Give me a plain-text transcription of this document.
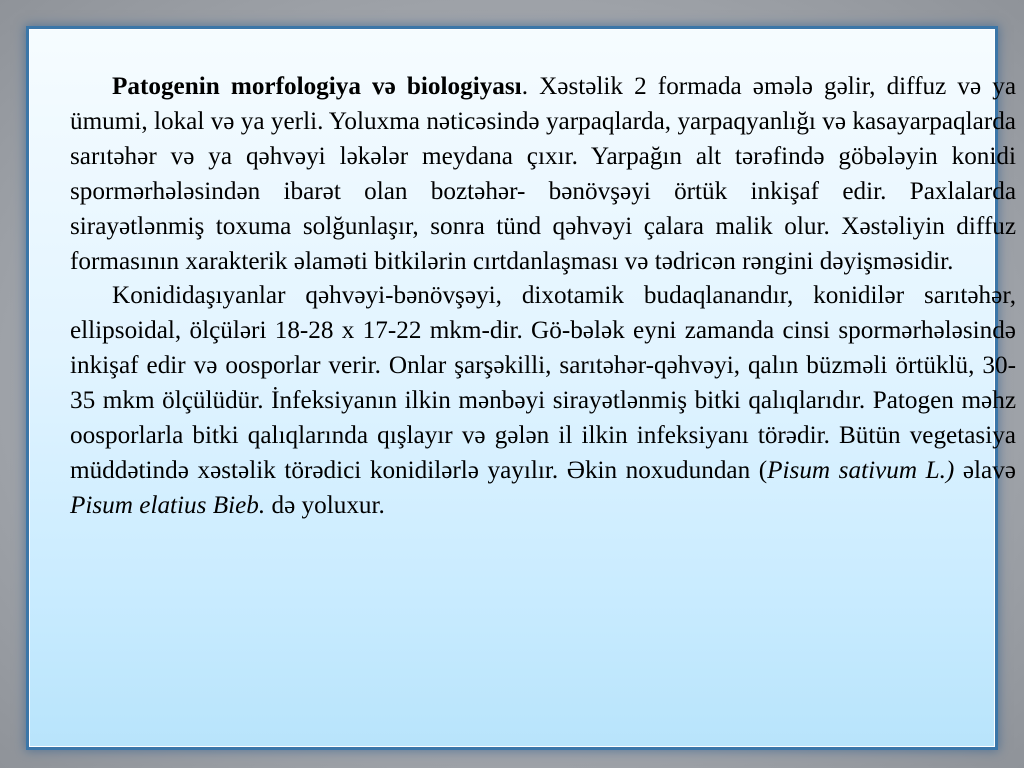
Patogenin morfologiya və biologiyası. Xəstəlik 2 formada əmələ gəlir, diffuz və ya ümumi, lokal və ya yerli. Yoluxma nəticəsində yarpaqlarda, yarpaqyanlığı və kasayarpaqlarda sarıtəhər və ya qəhvəyi ləkələr meydana çıxır. Yarpağın alt tərəfində göbələyin konidi spormərhələsindən ibarət olan boztəhər- bənövşəyi örtük inkişaf edir. Paxlalarda sirayətlənmiş toxuma solğunlaşır, sonra tünd qəhvəyi çalara malik olur. Xəstəliyin diffuz formasının xarakterik əlaməti bitkilərin cırtdanlaşması və tədricən rəngini dəyişməsidir.

Konididaşıyanlar qəhvəyi-bənövşəyi, dixotamik budaqlanandır, konidilər sarıtəhər, ellipsoidal, ölçüləri 18-28 x 17-22 mkm-dir. Gö-bələk eyni zamanda cinsi spormərhələsində inkişaf edir və oosporlar verir. Onlar şarşəkilli, sarıtəhər-qəhvəyi, qalın büzməli örtüklü, 30-35 mkm ölçülüdür. İnfeksiyanın ilkin mənbəyi sirayətlənmiş bitki qalıqlarıdır. Patogen məhz oosporlarla bitki qalıqlarında qışlayır və gələn il ilkin infeksiyanı törədir. Bütün vegetasiya müddətində xəstəlik törədici konidilərlə yayılır. Əkin noxudundan (Pisum sativum L.) əlavə Pisum elatius Bieb. də yoluxur.
